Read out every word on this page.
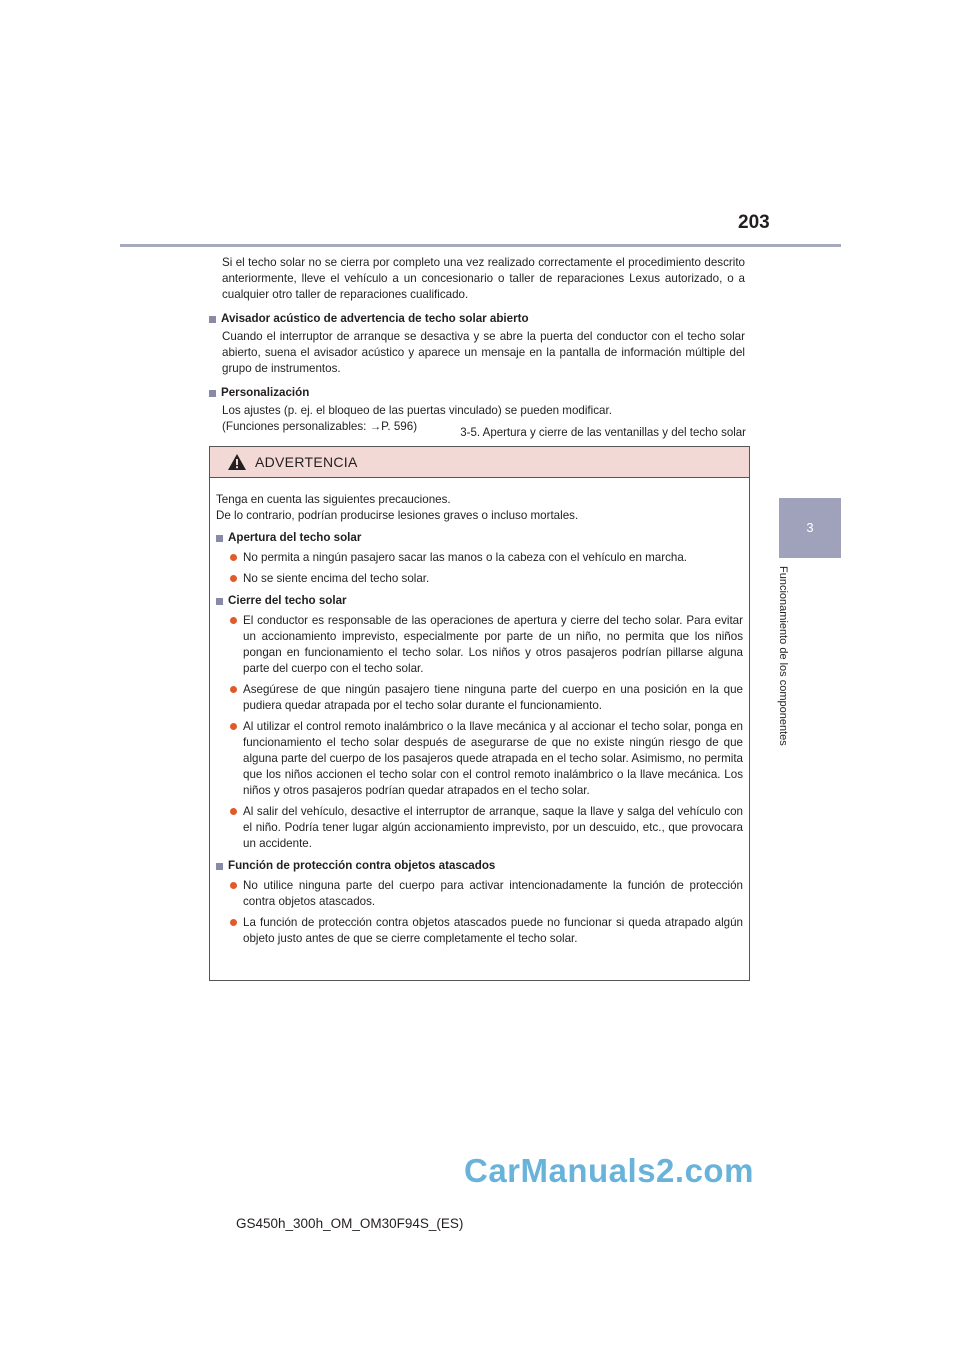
3-5. Apertura y cierre de las ventanillas y del techo solar
203
3
Funcionamiento de los componentes

Si el techo solar no se cierra por completo una vez realizado correctamente el procedimiento descrito anteriormente, lleve el vehículo a un concesionario o taller de reparaciones Lexus autorizado, o a cualquier otro taller de reparaciones cualificado.

Avisador acústico de advertencia de techo solar abierto

Cuando el interruptor de arranque se desactiva y se abre la puerta del conductor con el techo solar abierto, suena el avisador acústico y aparece un mensaje en la pantalla de información múltiple del grupo de instrumentos.

Personalización

Los ajustes (p. ej. el bloqueo de las puertas vinculado) se pueden modificar.

(Funciones personalizables: →P. 596)

ADVERTENCIA

Tenga en cuenta las siguientes precauciones.

De lo contrario, podrían producirse lesiones graves o incluso mortales.

Apertura del techo solar
No permita a ningún pasajero sacar las manos o la cabeza con el vehículo en marcha.
No se siente encima del techo solar.
Cierre del techo solar
El conductor es responsable de las operaciones de apertura y cierre del techo solar. Para evitar un accionamiento imprevisto, especialmente por parte de un niño, no permita que los niños pongan en funcionamiento el techo solar. Los niños y otros pasajeros podrían pillarse alguna parte del cuerpo con el techo solar.
Asegúrese de que ningún pasajero tiene ninguna parte del cuerpo en una posición en la que pudiera quedar atrapada por el techo solar durante el funcionamiento.
Al utilizar el control remoto inalámbrico o la llave mecánica y al accionar el techo solar, ponga en funcionamiento el techo solar después de asegurarse de que no existe ningún riesgo de que alguna parte del cuerpo de los pasajeros quede atrapada en el techo solar. Asimismo, no permita que los niños accionen el techo solar con el control remoto inalámbrico o la llave mecánica. Los niños y otros pasajeros podrían quedar atrapados en el techo solar.
Al salir del vehículo, desactive el interruptor de arranque, saque la llave y salga del vehículo con el niño. Podría tener lugar algún accionamiento imprevisto, por un descuido, etc., que provocara un accidente.
Función de protección contra objetos atascados
No utilice ninguna parte del cuerpo para activar intencionadamente la función de protección contra objetos atascados.
La función de protección contra objetos atascados puede no funcionar si queda atrapado algún objeto justo antes de que se cierre completamente el techo solar.
CarManuals2.com
GS450h_300h_OM_OM30F94S_(ES)
